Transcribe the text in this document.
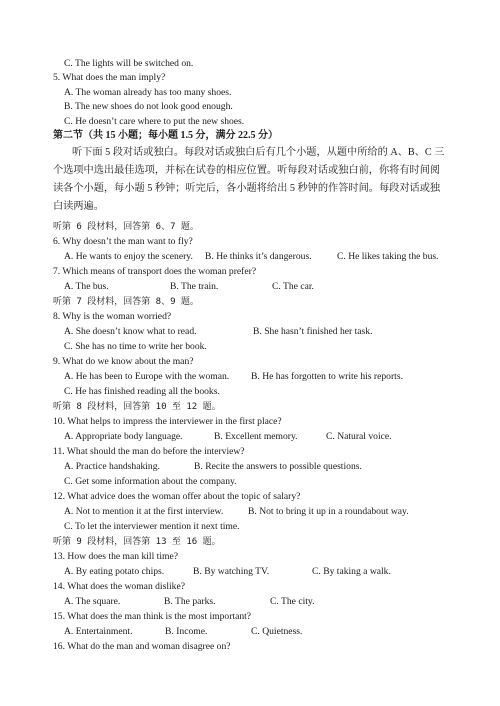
C. The lights will be switched on.
5. What does the man imply?
A. The woman already has too many shoes.
B. The new shoes do not look good enough.
C. He doesn’t care where to put the new shoes.
第二节（共 15 小题；每小题 1.5 分，满分 22.5 分）
听下面 5 段对话或独白。每段对话或独白后有几个小题，从题中所给的 A、B、C 三
个选项中选出最佳选项，并标在试卷的相应位置。听每段对话或独白前，你将有时间阅
读各个小题，每小题 5 秒钟；听完后，各小题将给出 5 秒钟的作答时间。每段对话或独
白读两遍。
听第 6 段材料，回答第 6、7 题。
6. Why doesn’t the man want to fly?
A. He wants to enjoy the scenery. B. He thinks it’s dangerous.	C. He likes taking the bus.
7. Which means of transport does the woman prefer?
A. The bus.	B. The train.	C. The car.
听第 7 段材料，回答第 8、9 题。
8. Why is the woman worried?
A. She doesn’t know what to read.	B. She hasn’t finished her task.
C. She has no time to write her book.
9. What do we know about the man?
A. He has been to Europe with the woman. B. He has forgotten to write his reports.
C. He has finished reading all the books.
听第 8 段材料，回答第 10 至 12 题。
10. What helps to impress the interviewer in the first place?
A. Appropriate body language.	B. Excellent memory.	C. Natural voice.
11. What should the man do before the interview?
A. Practice handshaking.	B. Recite the answers to possible questions.
C. Get some information about the company.
12. What advice does the woman offer about the topic of salary?
A. Not to mention it at the first interview.	B. Not to bring it up in a roundabout way.
C. To let the interviewer mention it next time.
听第 9 段材料，回答第 13 至 16 题。
13. How does the man kill time?
A. By eating potato chips.	B. By watching TV.	C. By taking a walk.
14. What does the woman dislike?
A. The square.	B. The parks.	C. The city.
15. What does the man think is the most important?
A. Entertainment.	B. Income.	C. Quietness.
16. What do the man and woman disagree on?
